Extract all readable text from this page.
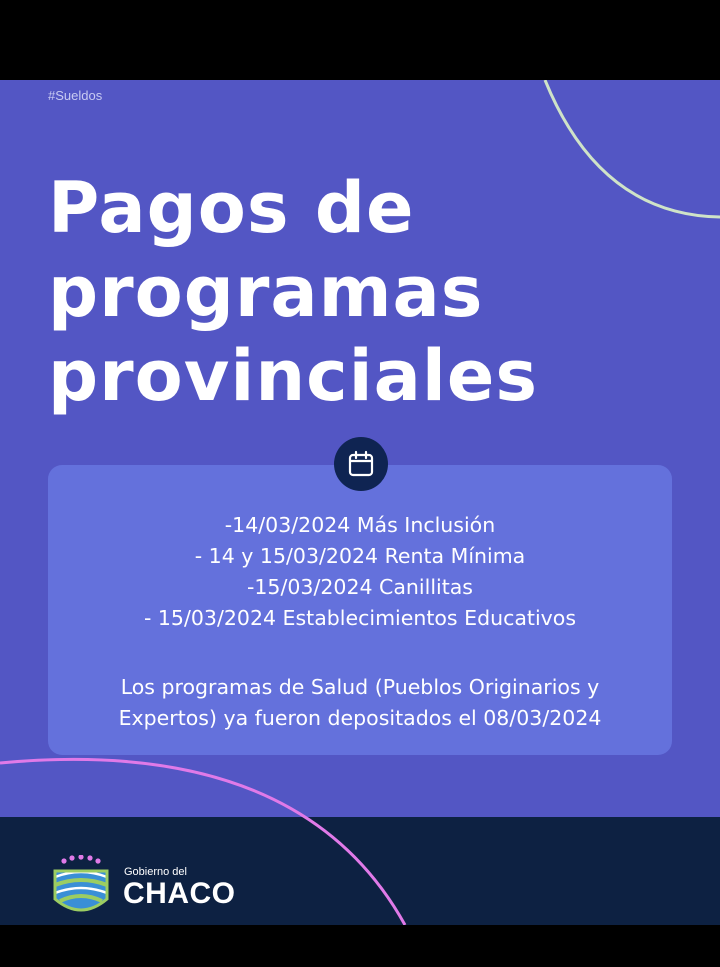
#Sueldos
Pagos de
programas
provinciales
-14/03/2024 Más Inclusión
- 14 y 15/03/2024 Renta Mínima
-15/03/2024 Canillitas
- 15/03/2024 Establecimientos Educativos

Los programas de Salud (Pueblos Originarios y
Expertos) ya fueron depositados el 08/03/2024

Gobierno del
CHACO
